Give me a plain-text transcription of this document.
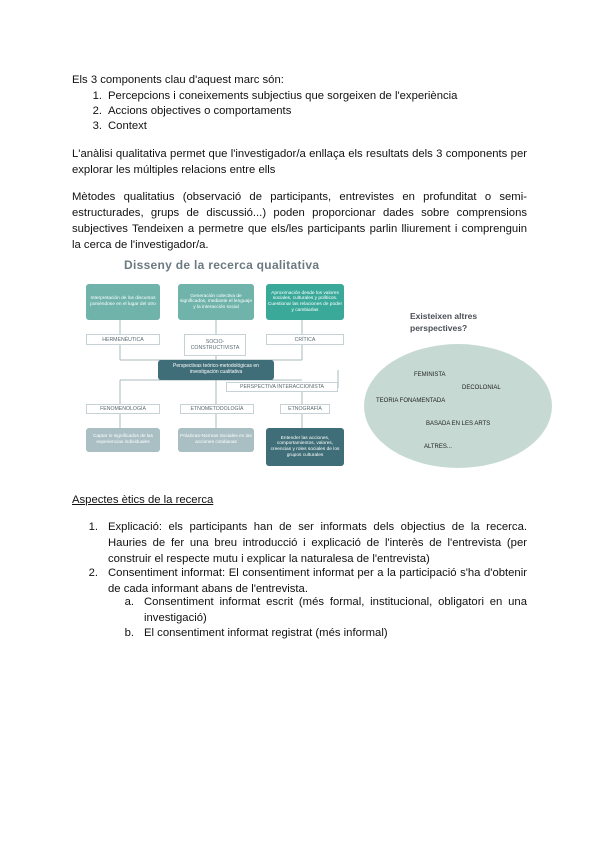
Els 3 components clau d'aquest marc són:
1. Percepcions i coneixements subjectius que sorgeixen de l'experiència
2. Accions objectives o comportaments
3. Context
L'anàlisi qualitativa permet que l'investigador/a enllaça els resultats dels 3 components per explorar les múltiples relacions entre ells
Mètodes qualitatius (observació de participants, entrevistes en profunditat o semi-estructurades, grups de discussió...) poden proporcionar dades sobre comprensions subjectives Tendeixen a permetre que els/les participants parlin lliurement i comprenguin la cerca de l'investigador/a.
Disseny de la recerca qualitativa
Interpretación de los discursos poniéndose en el lugar del otro
Generación colectiva de significados, mediante el lenguaje y la interacción social
Aproximación desde los valores sociales, culturales y políticos. Cuestionar las relaciones de poder y cambiarlas
HERMENÉUTICA	SOCIO-CONSTRUCTIVISTA
CRÍTICA
Perspectivas teórico-metodológicas en investigación cualitativa
PERSPECTIVA INTERACCIONISTA
FENOMENOLOGÍA	ETNOMETODOLOGÍA	ETNOGRAFÍA
Captar lo significados de las experiencias individuales
Prácticas-Normas Sociales en las acciones cotidianas
Entender las acciones, comportamientos, valores, creencias y roles sociales de los grupos culturales
Existeixen altres perspectives?
FEMINISTA
DECOLONIAL
TEORIA FONAMENTADA
BASADA EN LES ARTS
ALTRES...
Aspectes ètics de la recerca
1. Explicació: els participants han de ser informats dels objectius de la recerca. Hauries de fer una breu introducció i explicació de l'interès de l'entrevista (per construir el respecte mutu i explicar la naturalesa de l'entrevista)
2. Consentiment informat: El consentiment informat per a la participació s'ha d'obtenir de cada informant abans de l'entrevista.
a. Consentiment informat escrit (més formal, institucional, obligatori en una investigació)
b. El consentiment informat registrat (més informal)
